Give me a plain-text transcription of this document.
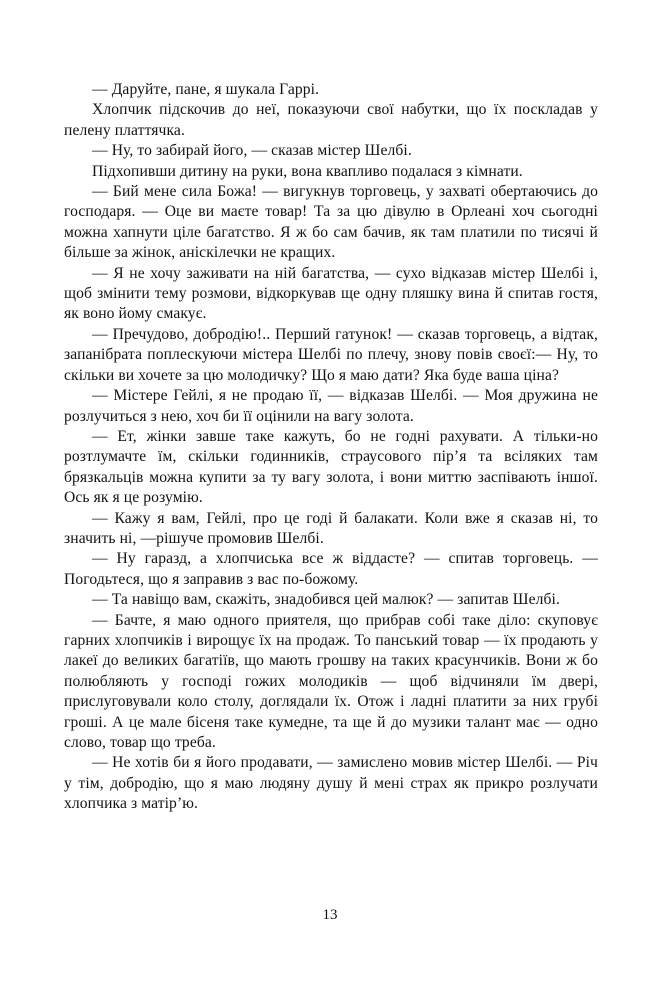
— Даруйте, пане, я шукала Гаррі.

Хлопчик підскочив до неї, показуючи свої набутки, що їх поскладав у пелену платтячка.

— Ну, то забирай його, — сказав містер Шелбі.

Підхопивши дитину на руки, вона квапливо подалася з кімнати.

— Бий мене сила Божа! — вигукнув торговець, у захваті обертаючись до господаря. — Оце ви маєте товар! Та за цю дівулю в Орлеані хоч сьогодні можна хапнути ціле багатство. Я ж бо сам бачив, як там платили по тисячі й більше за жінок, аніскілечки не кращих.

— Я не хочу заживати на ній багатства, — сухо відказав містер Шелбі і, щоб змінити тему розмови, відкоркував ще одну пляшку вина й спитав гостя, як воно йому смакує.

— Пречудово, добродію!.. Перший гатунок! — сказав торговець, а відтак, запанібрата поплескуючи містера Шелбі по плечу, знову повів своєї:— Ну, то скільки ви хочете за цю молодичку? Що я маю дати? Яка буде ваша ціна?

— Містере Гейлі, я не продаю її, — відказав Шелбі. — Моя дружина не розлучиться з нею, хоч би її оцінили на вагу золота.

— Ет, жінки завше таке кажуть, бо не годні рахувати. А тільки-но розтлумачте їм, скільки годинників, страусового пір’я та всіляких там брязкальців можна купити за ту вагу золота, і вони миттю заспівають іншої. Ось як я це розумію.

— Кажу я вам, Гейлі, про це годі й балакати. Коли вже я сказав ні, то значить ні, —рішуче промовив Шелбі.

— Ну гаразд, а хлопчиська все ж віддасте? — спитав торговець. — Погодьтеся, що я заправив з вас по-божому.

— Та навіщо вам, скажіть, знадобився цей малюк? — запитав Шелбі.

— Бачте, я маю одного приятеля, що прибрав собі таке діло: скуповує гарних хлопчиків і вирощує їх на продаж. То панський товар — їх продають у лакеї до великих багатіїв, що мають грошву на таких красунчиків. Вони ж бо полюбляють у господі гожих молодиків — щоб відчиняли їм двері, прислуговували коло столу, доглядали їх. Отож і ладні платити за них грубі гроші. А це мале бісеня таке кумедне, та ще й до музики талант має — одно слово, товар що треба.

— Не хотів би я його продавати, — замислено мовив містер Шелбі. — Річ у тім, добродію, що я маю людяну душу й мені страх як прикро розлучати хлопчика з матір’ю.

13
